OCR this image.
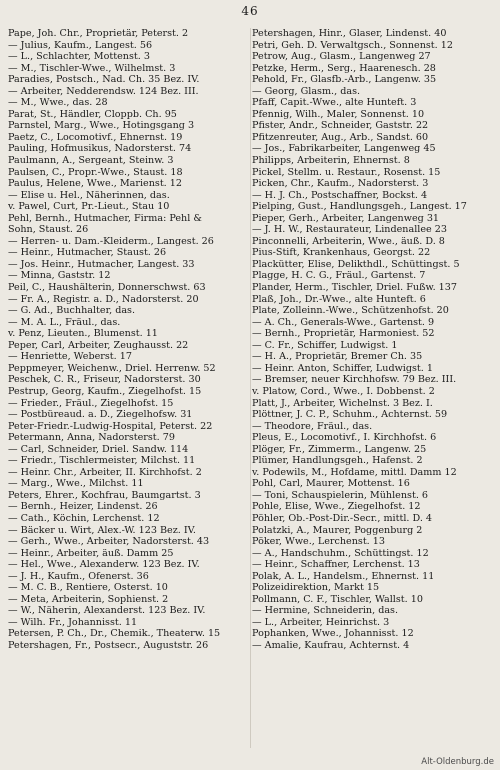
46
Pape, Joh. Chr., Proprietär, Peterst. 2
— Julius, Kaufm., Langest. 56
— L., Schlachter, Mottenst. 3
— M., Tischler-Wwe., Wilhelmst. 3
Paradies, Postsch., Nad. Ch. 35 Bez. IV.
— Arbeiter, Nedderendsw. 124 Bez. III.
— M., Wwe., das. 28
Parat, St., Händler, Cloppb. Ch. 95
Parnstel, Marg., Wwe., Hotingsgang 3
Paetz, C., Locomotivf., Ehnernst. 19
Pauling, Hofmusikus, Nadorsterst. 74
Paulmann, A., Sergeant, Steinw. 3
Paulsen, C., Propr.-Wwe., Staust. 18
Paulus, Helene, Wwe., Marienst. 12
— Elise u. Hel., Näherinnen, das.
v. Pawel, Curt, Pr.-Lieut., Stau 10
Pehl, Bernh., Hutmacher, Firma: Pehl &
Sohn, Staust. 26
— Herren- u. Dam.-Kleiderm., Langest. 26
— Heinr., Hutmacher, Staust. 26
— Jos. Heinr., Hutmacher, Langest. 33
— Minna, Gaststr. 12
Peil, C., Haushälterin, Donnerschwst. 63
— Fr. A., Registr. a. D., Nadorsterst. 20
— G. Ad., Buchhalter, das.
— M. A. L., Fräul., das.
v. Penz, Lieuten., Blumenst. 11
Peper, Carl, Arbeiter, Zeughausst. 22
— Henriette, Weberst. 17
Peppmeyer, Weichenw., Driel. Herrenw. 52
Peschek, C. R., Friseur, Nadorsterst. 30
Pestrup, Georg, Kaufm., Ziegelhofst. 15
— Frieder., Fräul., Ziegelhofst. 15
— Postbüreaud. a. D., Ziegelhofsw. 31
Peter-Friedr.-Ludwig-Hospital, Peterst. 22
Petermann, Anna, Nadorsterst. 79
— Carl, Schneider, Driel. Sandw. 114
— Friedr., Tischlermeister, Milchst. 11
— Heinr. Chr., Arbeiter, II. Kirchhofst. 2
— Marg., Wwe., Milchst. 11
Peters, Ehrer., Kochfrau, Baumgartst. 3
— Bernh., Heizer, Lindenst. 26
— Cath., Köchin, Lerchenst. 12
— Bäcker u. Wirt, Alex.-W. 123 Bez. IV.
— Gerh., Wwe., Arbeiter, Nadorsterst. 43
— Heinr., Arbeiter, äuß. Damm 25
— Hel., Wwe., Alexanderw. 123 Bez. IV.
— J. H., Kaufm., Ofenerst. 36
— M. C. B., Rentiere, Osterst. 10
— Meta, Arbeiterin, Sophienst. 2
— W., Näherin, Alexanderst. 123 Bez. IV.
— Wilh. Fr., Johannisst. 11
Petersen, P. Ch., Dr., Chemik., Theaterw. 15
Petershagen, Fr., Postsecr., Auguststr. 26
Petershagen, Hinr., Glaser, Lindenst. 40
Petri, Geh. D. Verwaltgsch., Sonnenst. 12
Petrow, Aug., Glasm., Langenweg 27
Petzke, Herm., Serg., Haarenesch. 28
Pehold, Fr., Glasfb.-Arb., Langenw. 35
— Georg, Glasm., das.
Pfaff, Capit.-Wwe., alte Hunteft. 3
Pfennig, Wilh., Maler, Sonnenst. 10
Pfister, Andr., Schneider, Gaststr. 22
Pfitzenreuter, Aug., Arb., Sandst. 60
— Jos., Fabrikarbeiter, Langenweg 45
Philipps, Arbeiterin, Ehnernst. 8
Pickel, Stellm. u. Restaur., Rosenst. 15
Picken, Chr., Kaufm., Nadorsterst. 3
— H. J. Ch., Postschaffner, Bockst. 4
Pielping, Gust., Handlungsgeh., Langest. 17
Pieper, Gerh., Arbeiter, Langenweg 31
— J. H. W., Restaurateur, Lindenallee 23
Pinconnelli, Arbeiterin, Wwe., äuß. D. 8
Pius-Stift, Krankenhaus, Georgst. 22
Plackütter, Elise, Delikthdl., Schüttingst. 5
Plagge, H. C. G., Fräul., Gartenst. 7
Plander, Herm., Tischler, Driel. Fußw. 137
Plaß, Joh., Dr.-Wwe., alte Hunteft. 6
Plate, Zolleinn.-Wwe., Schützenhofst. 20
— A. Ch., Generals-Wwe., Gartenst. 9
— Bernh., Proprietär, Harmoniest. 52
— C. Fr., Schiffer, Ludwigst. 1
— H. A., Proprietär, Bremer Ch. 35
— Heinr. Anton, Schiffer, Ludwigst. 1
— Bremser, neuer Kirchhofsw. 79 Bez. III.
v. Platow, Cord., Wwe., I. Dobbenst. 2
Platt, J., Arbeiter, Wichelnst. 3 Bez. I.
Plöttner, J. C. P., Schuhm., Achternst. 59
— Theodore, Fräul., das.
Pleus, E., Locomotivf., I. Kirchhofst. 6
Plöger, Fr., Zimmerm., Langenw. 25
Plümer, Handlungsgeh., Hafenst. 2
v. Podewils, M., Hofdame, mittl. Damm 12
Pohl, Carl, Maurer, Mottenst. 16
— Toni, Schauspielerin, Mühlenst. 6
Pohle, Elise, Wwe., Ziegelhofst. 12
Pöhler, Ob.-Post-Dir.-Secr., mittl. D. 4
Polatzki, A., Maurer, Poggenburg 2
Pöker, Wwe., Lerchenst. 13
— A., Handschuhm., Schüttingst. 12
— Heinr., Schaffner, Lerchenst. 13
Polak, A. L., Handelsm., Ehnernst. 11
Polizeidirektion, Markt 15
Pollmann, C. F., Tischler, Wallst. 10
— Hermine, Schneiderin, das.
— L., Arbeiter, Heinrichst. 3
Pophanken, Wwe., Johannisst. 12
— Amalie, Kaufrau, Achternst. 4
Alt-Oldenburg.de
